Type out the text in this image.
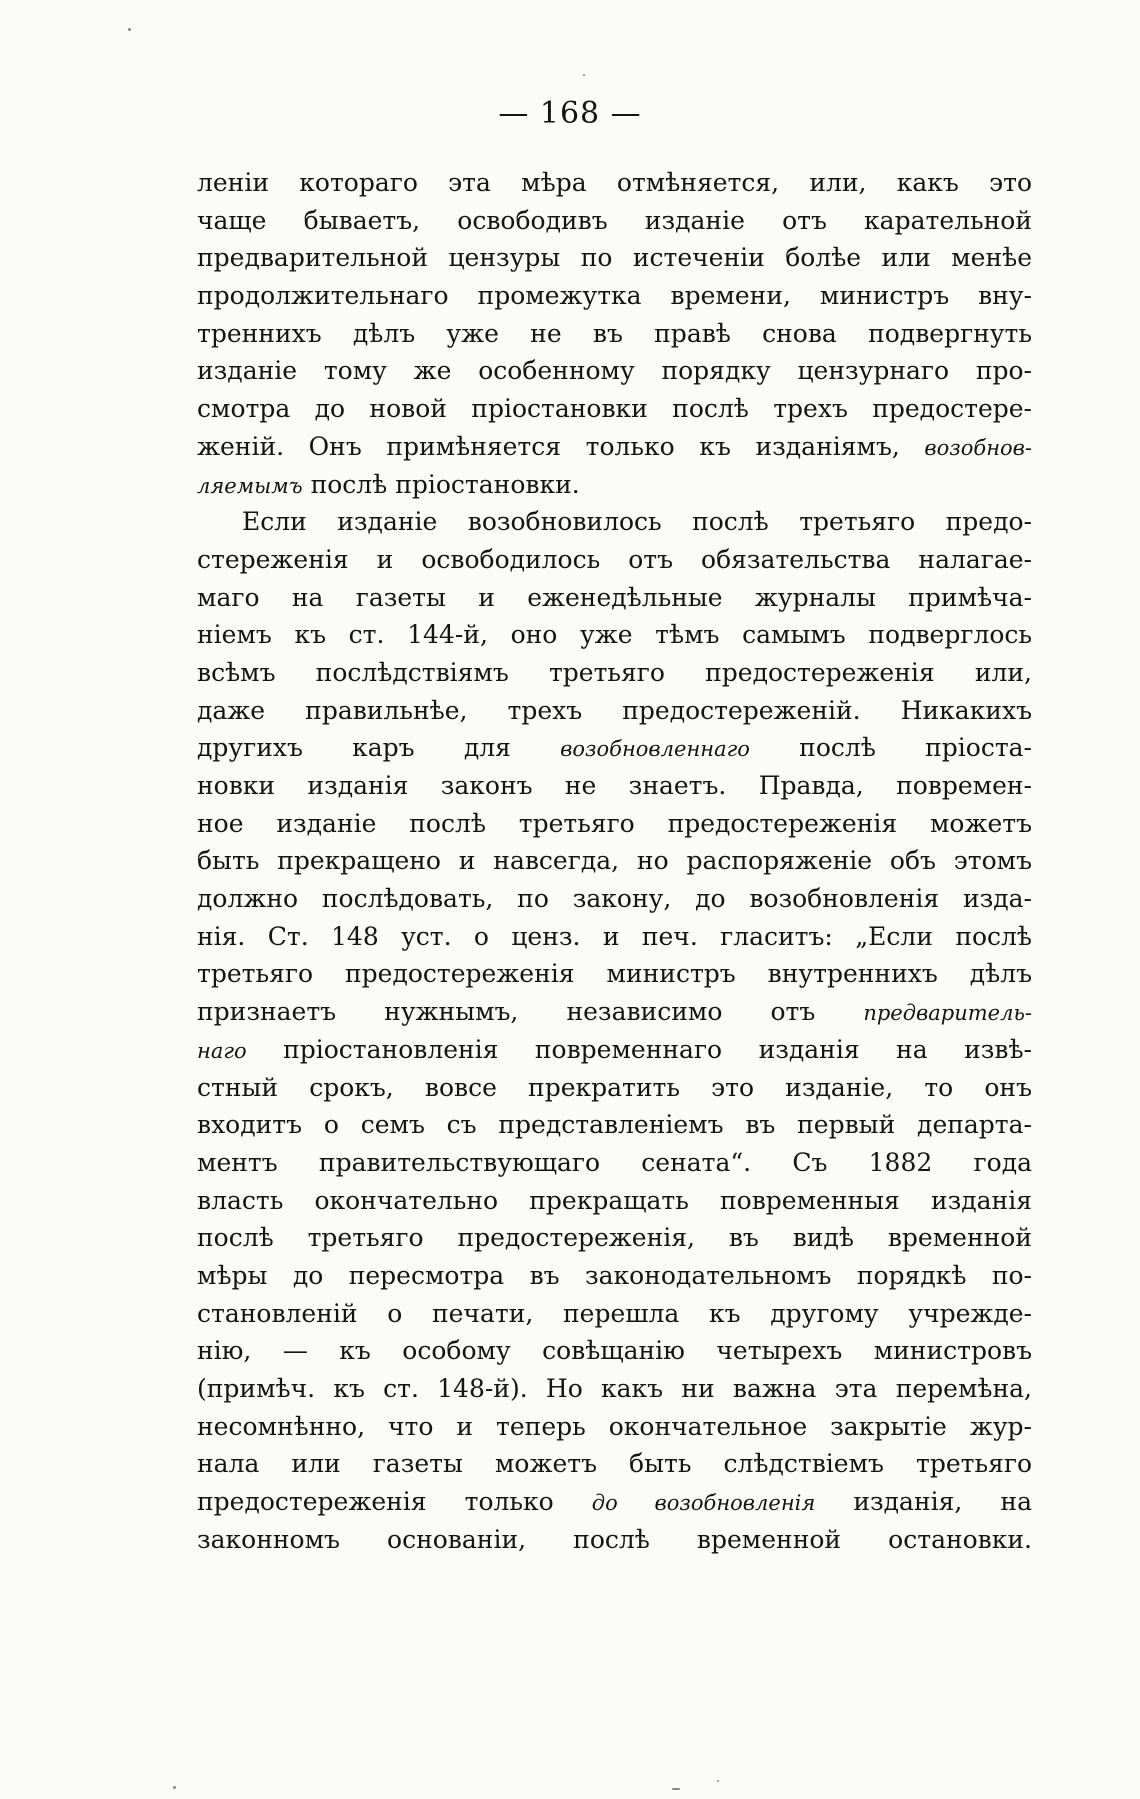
— 168 —
леніи котораго эта мѣра отмѣняется, или, какъ это
чаще бываетъ, освободивъ изданіе отъ карательной
предварительной цензуры по истеченіи болѣе или менѣе
продолжительнаго промежутка времени, министръ вну-
треннихъ дѣлъ уже не въ правѣ снова подвергнуть
изданіе тому же особенному порядку цензурнаго про-
смотра до новой пріостановки послѣ трехъ предостере-
женій. Онъ примѣняется только къ изданіямъ, возобнов-
ляемымъ послѣ пріостановки.
Если изданіе возобновилось послѣ третьяго предо-
стереженія и освободилось отъ обязательства налагае-
маго на газеты и еженедѣльные журналы примѣча-
ніемъ къ ст. 144-й, оно уже тѣмъ самымъ подверглось
всѣмъ послѣдствіямъ третьяго предостереженія или,
даже правильнѣе, трехъ предостереженій. Никакихъ
другихъ каръ для возобновленнаго послѣ пріоста-
новки изданія законъ не знаетъ. Правда, повремен-
ное изданіе послѣ третьяго предостереженія можетъ
быть прекращено и навсегда, но распоряженіе объ этомъ
должно послѣдовать, по закону, до возобновленія изда-
нія. Ст. 148 уст. о ценз. и печ. гласитъ: „Если послѣ
третьяго предостереженія министръ внутреннихъ дѣлъ
признаетъ нужнымъ, независимо отъ предваритель-
наго пріостановленія повременнаго изданія на извѣ-
стный срокъ, вовсе прекратить это изданіе, то онъ
входитъ о семъ съ представленіемъ въ первый департа-
ментъ правительствующаго сената“. Съ 1882 года
власть окончательно прекращать повременныя изданія
послѣ третьяго предостереженія, въ видѣ временной
мѣры до пересмотра въ законодательномъ порядкѣ по-
становленій о печати, перешла къ другому учрежде-
нію, — къ особому совѣщанію четырехъ министровъ
(примѣч. къ ст. 148-й). Но какъ ни важна эта перемѣна,
несомнѣнно, что и теперь окончательное закрытіе жур-
нала или газеты можетъ быть слѣдствіемъ третьяго
предостереженія только до возобновленія изданія, на
законномъ основаніи, послѣ временной остановки.
